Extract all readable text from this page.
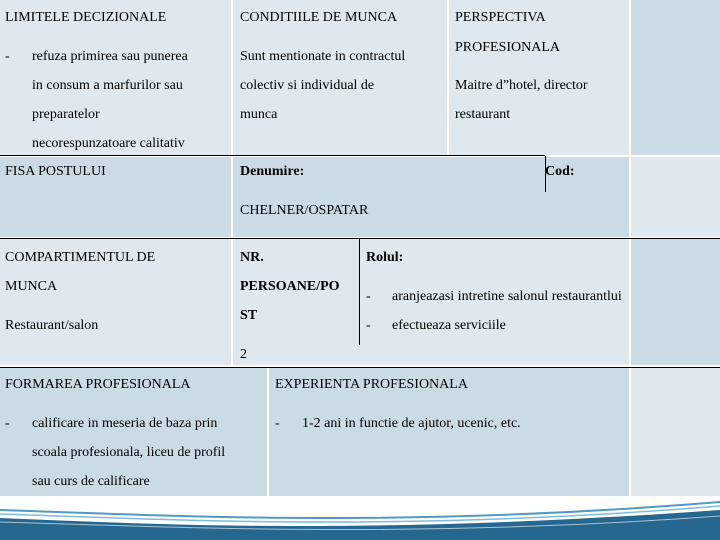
LIMITELE DECIZIONALE
- refuza primirea sau punerea
in consum a marfurilor sau
preparatelor
necorespunzatoare calitativ
CONDITIILE DE MUNCA
Sunt mentionate in contractul
colectiv si individual de
munca
PERSPECTIVA
PROFESIONALA
Maitre d”hotel, director
restaurant
FISA POSTULUI	Denumire:
CHELNER/OSPATAR
Cod:
COMPARTIMENTUL DE
MUNCA
Restaurant/salon
NR.
PERSOANE/PO
ST
2
Rolul:
- aranjeazasi intretine salonul restaurantlui
- efectueaza serviciile
FORMAREA PROFESIONALA
- calificare in meseria de baza prin
scoala profesionala, liceu de profil
sau curs de calificare
EXPERIENTA PROFESIONALA
- 1-2 ani in functie de ajutor, ucenic, etc.
